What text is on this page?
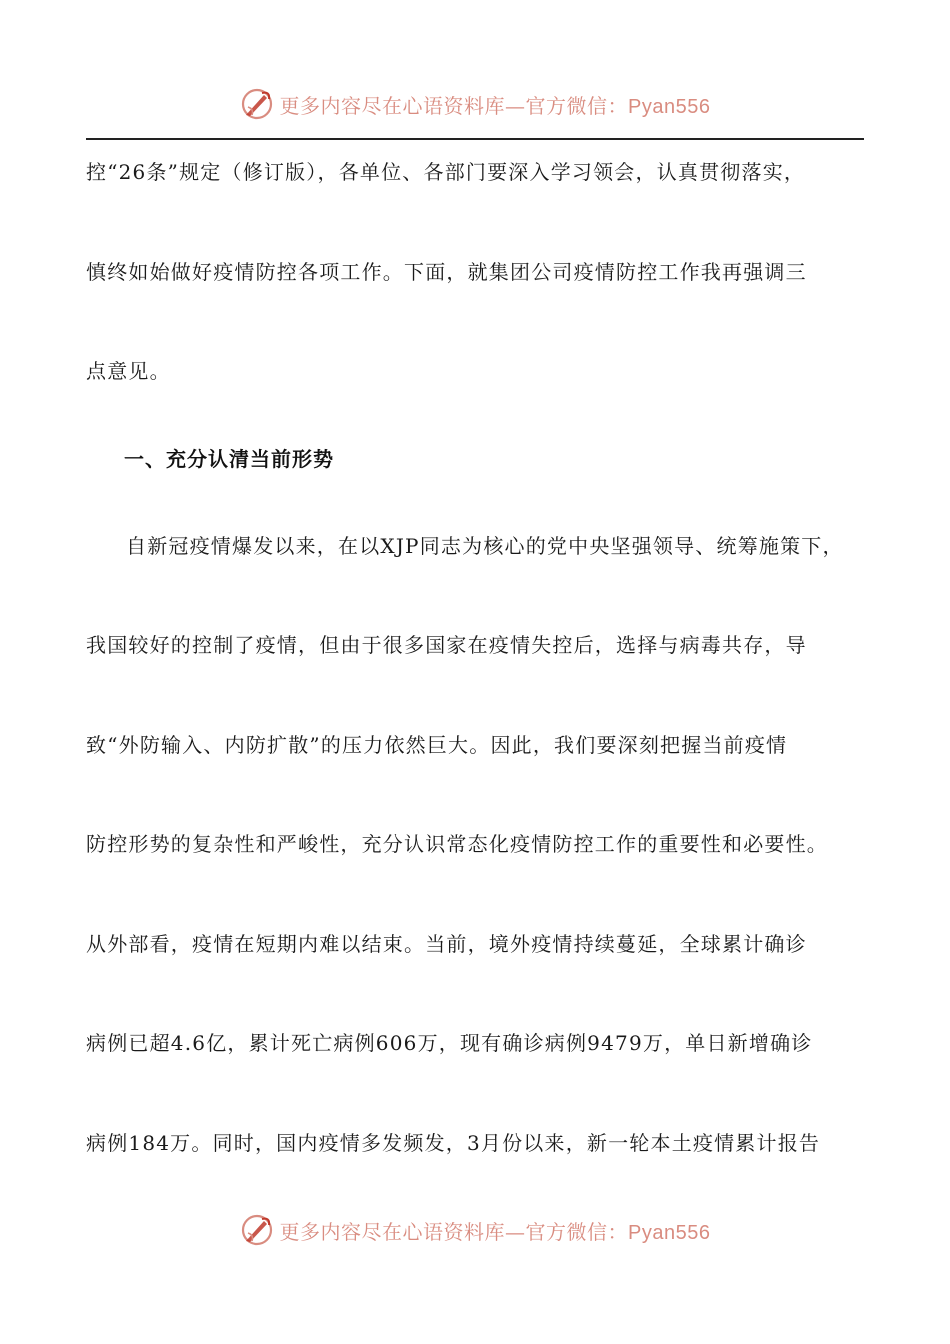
更多内容尽在心语资料库—官方微信：Pyan556
控“26条”规定（修订版），各单位、各部门要深入学习领会，认真贯彻落实，
慎终如始做好疫情防控各项工作。下面，就集团公司疫情防控工作我再强调三
点意见。
一、充分认清当前形势
自新冠疫情爆发以来，在以XJP同志为核心的党中央坚强领导、统筹施策下，
我国较好的控制了疫情，但由于很多国家在疫情失控后，选择与病毒共存，导
致“外防输入、内防扩散”的压力依然巨大。因此，我们要深刻把握当前疫情
防控形势的复杂性和严峻性，充分认识常态化疫情防控工作的重要性和必要性。
从外部看，疫情在短期内难以结束。当前，境外疫情持续蔓延，全球累计确诊
病例已超4.6亿，累计死亡病例606万，现有确诊病例9479万，单日新增确诊
病例184万。同时，国内疫情多发频发，3月份以来，新一轮本土疫情累计报告
更多内容尽在心语资料库—官方微信：Pyan556
